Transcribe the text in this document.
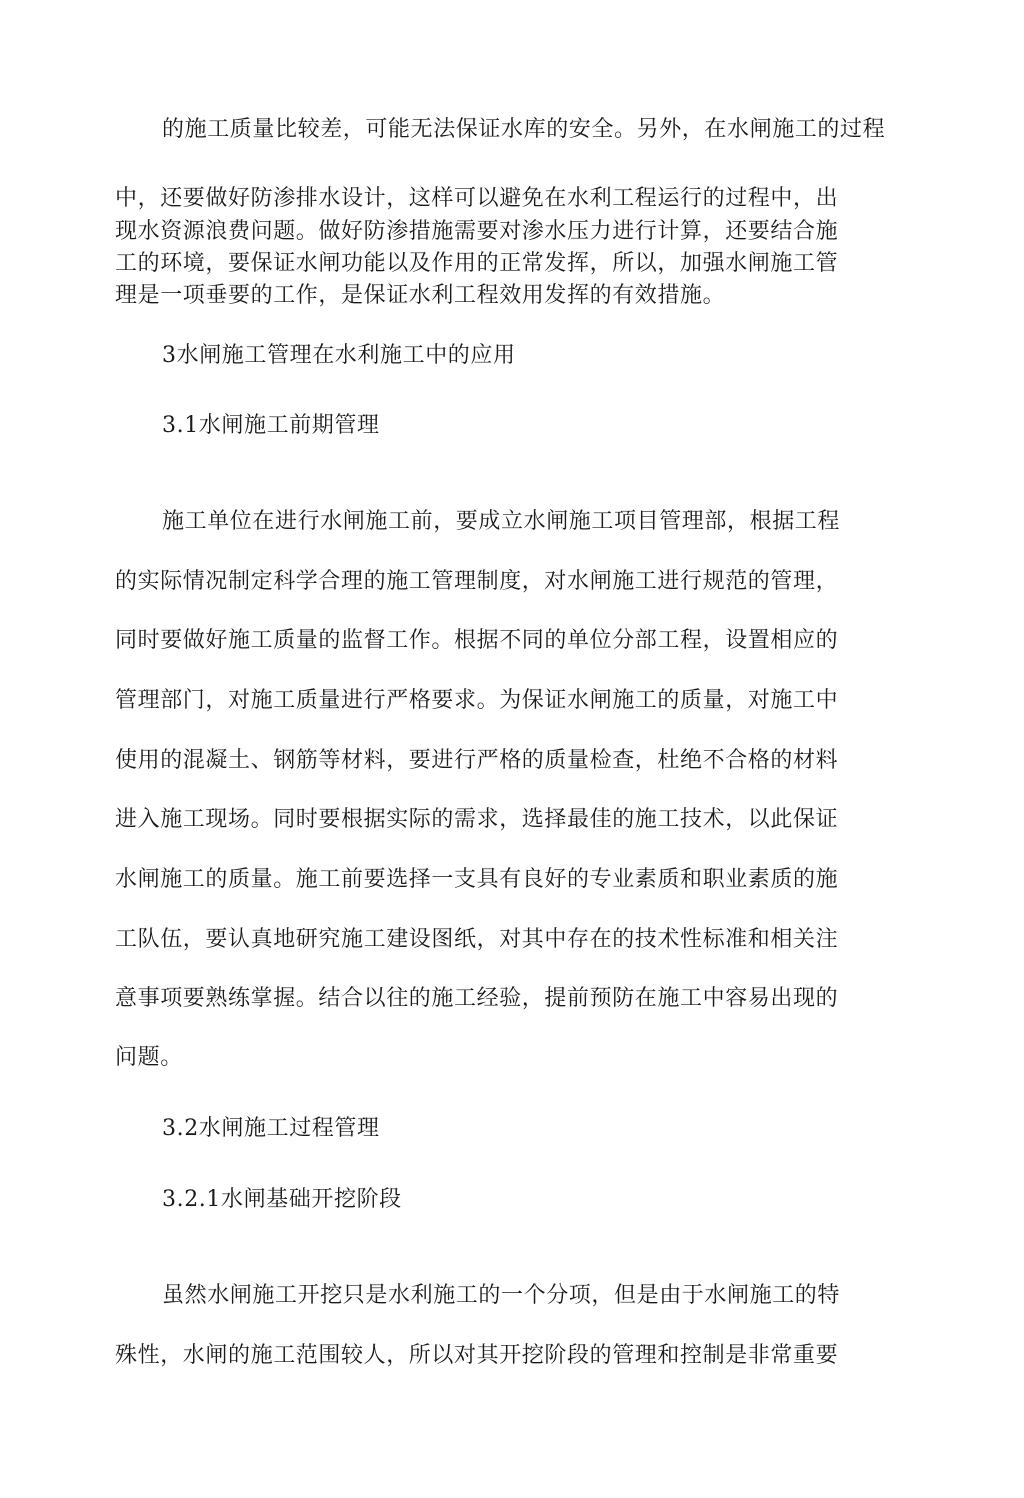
的施工质量比较差，可能无法保证水库的安全。另外，在水闸施工的过程
中，还要做好防渗排水设计，这样可以避免在水利工程运行的过程中，出
现水资源浪费问题。做好防渗措施需要对渗水压力进行计算，还要结合施
工的环境，要保证水闸功能以及作用的正常发挥，所以，加强水闸施工管
理是一项垂要的工作，是保证水利工程效用发挥的有效措施。
3水闸施工管理在水利施工中的应用
3.1水闸施工前期管理
施工单位在进行水闸施工前，要成立水闸施工项目管理部，根据工程
的实际情况制定科学合理的施工管理制度，对水闸施工进行规范的管理，
同时要做好施工质量的监督工作。根据不同的单位分部工程，设置相应的
管理部门，对施工质量进行严格要求。为保证水闸施工的质量，对施工中
使用的混凝土、钢筋等材料，要进行严格的质量检查，杜绝不合格的材料
进入施工现场。同时要根据实际的需求，选择最佳的施工技术，以此保证
水闸施工的质量。施工前要选择一支具有良好的专业素质和职业素质的施
工队伍，要认真地研究施工建设图纸，对其中存在的技术性标准和相关注
意事项要熟练掌握。结合以往的施工经验，提前预防在施工中容易出现的
问题。
3.2水闸施工过程管理
3.2.1水闸基础开挖阶段
虽然水闸施工开挖只是水利施工的一个分项，但是由于水闸施工的特
殊性，水闸的施工范围较人，所以对其开挖阶段的管理和控制是非常重要
